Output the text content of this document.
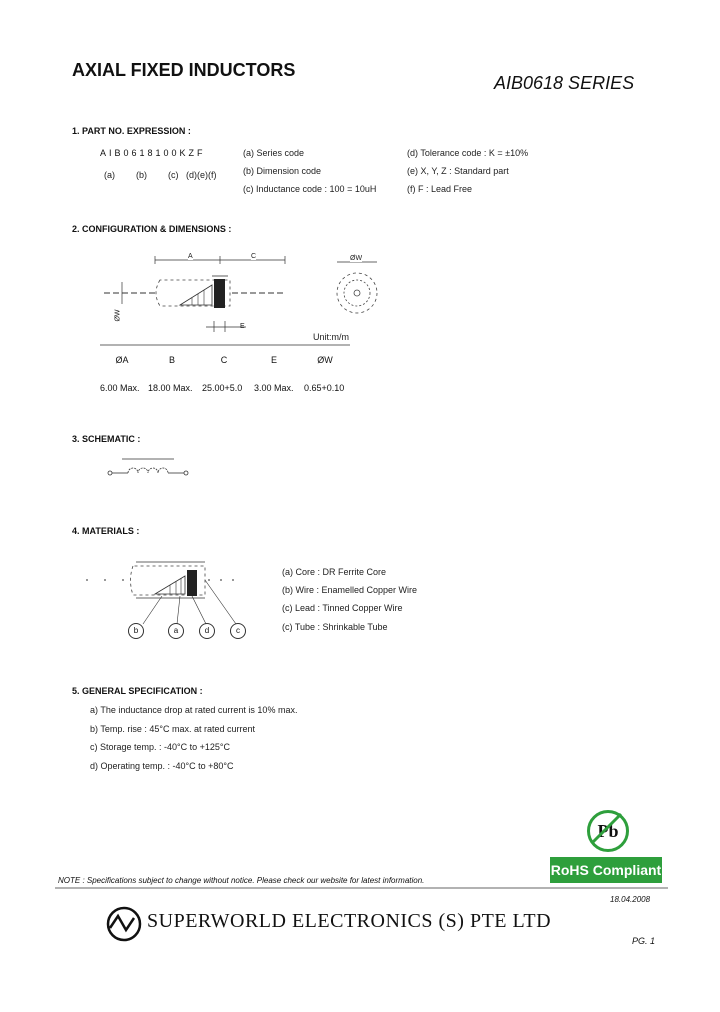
AXIAL FIXED INDUCTORS
AIB0618 SERIES
1. PART NO. EXPRESSION :
AIB0618100KZF
(a) (b) (c) (d)(e)(f)
(a) Series code
(b) Dimension code
(c) Inductance code : 100 = 10uH
(d) Tolerance code : K = ±10%
(e) X, Y, Z : Standard part
(f) F : Lead Free
2. CONFIGURATION & DIMENSIONS :
A	C
E
ØW
ØW
Unit:m/m
ØA	B	C	E	ØW
6.00 Max. 18.00 Max. 25.00+5.0 3.00 Max. 0.65+0.10
3. SCHEMATIC :
4. MATERIALS :
b	a	d	c
(a) Core : DR Ferrite Core
(b) Wire : Enamelled Copper Wire
(c) Lead : Tinned Copper Wire
(c) Tube : Shrinkable Tube
5. GENERAL SPECIFICATION :
a) The inductance drop at rated current is 10% max.
b) Temp. rise : 45°C max. at rated current
c) Storage temp. : -40°C to +125°C
d) Operating temp. : -40°C to +80°C
Pb
RoHS Compliant
NOTE : Specifications subject to change without notice. Please check our website for latest information.
18.04.2008
SUPERWORLD ELECTRONICS (S) PTE LTD
PG. 1
